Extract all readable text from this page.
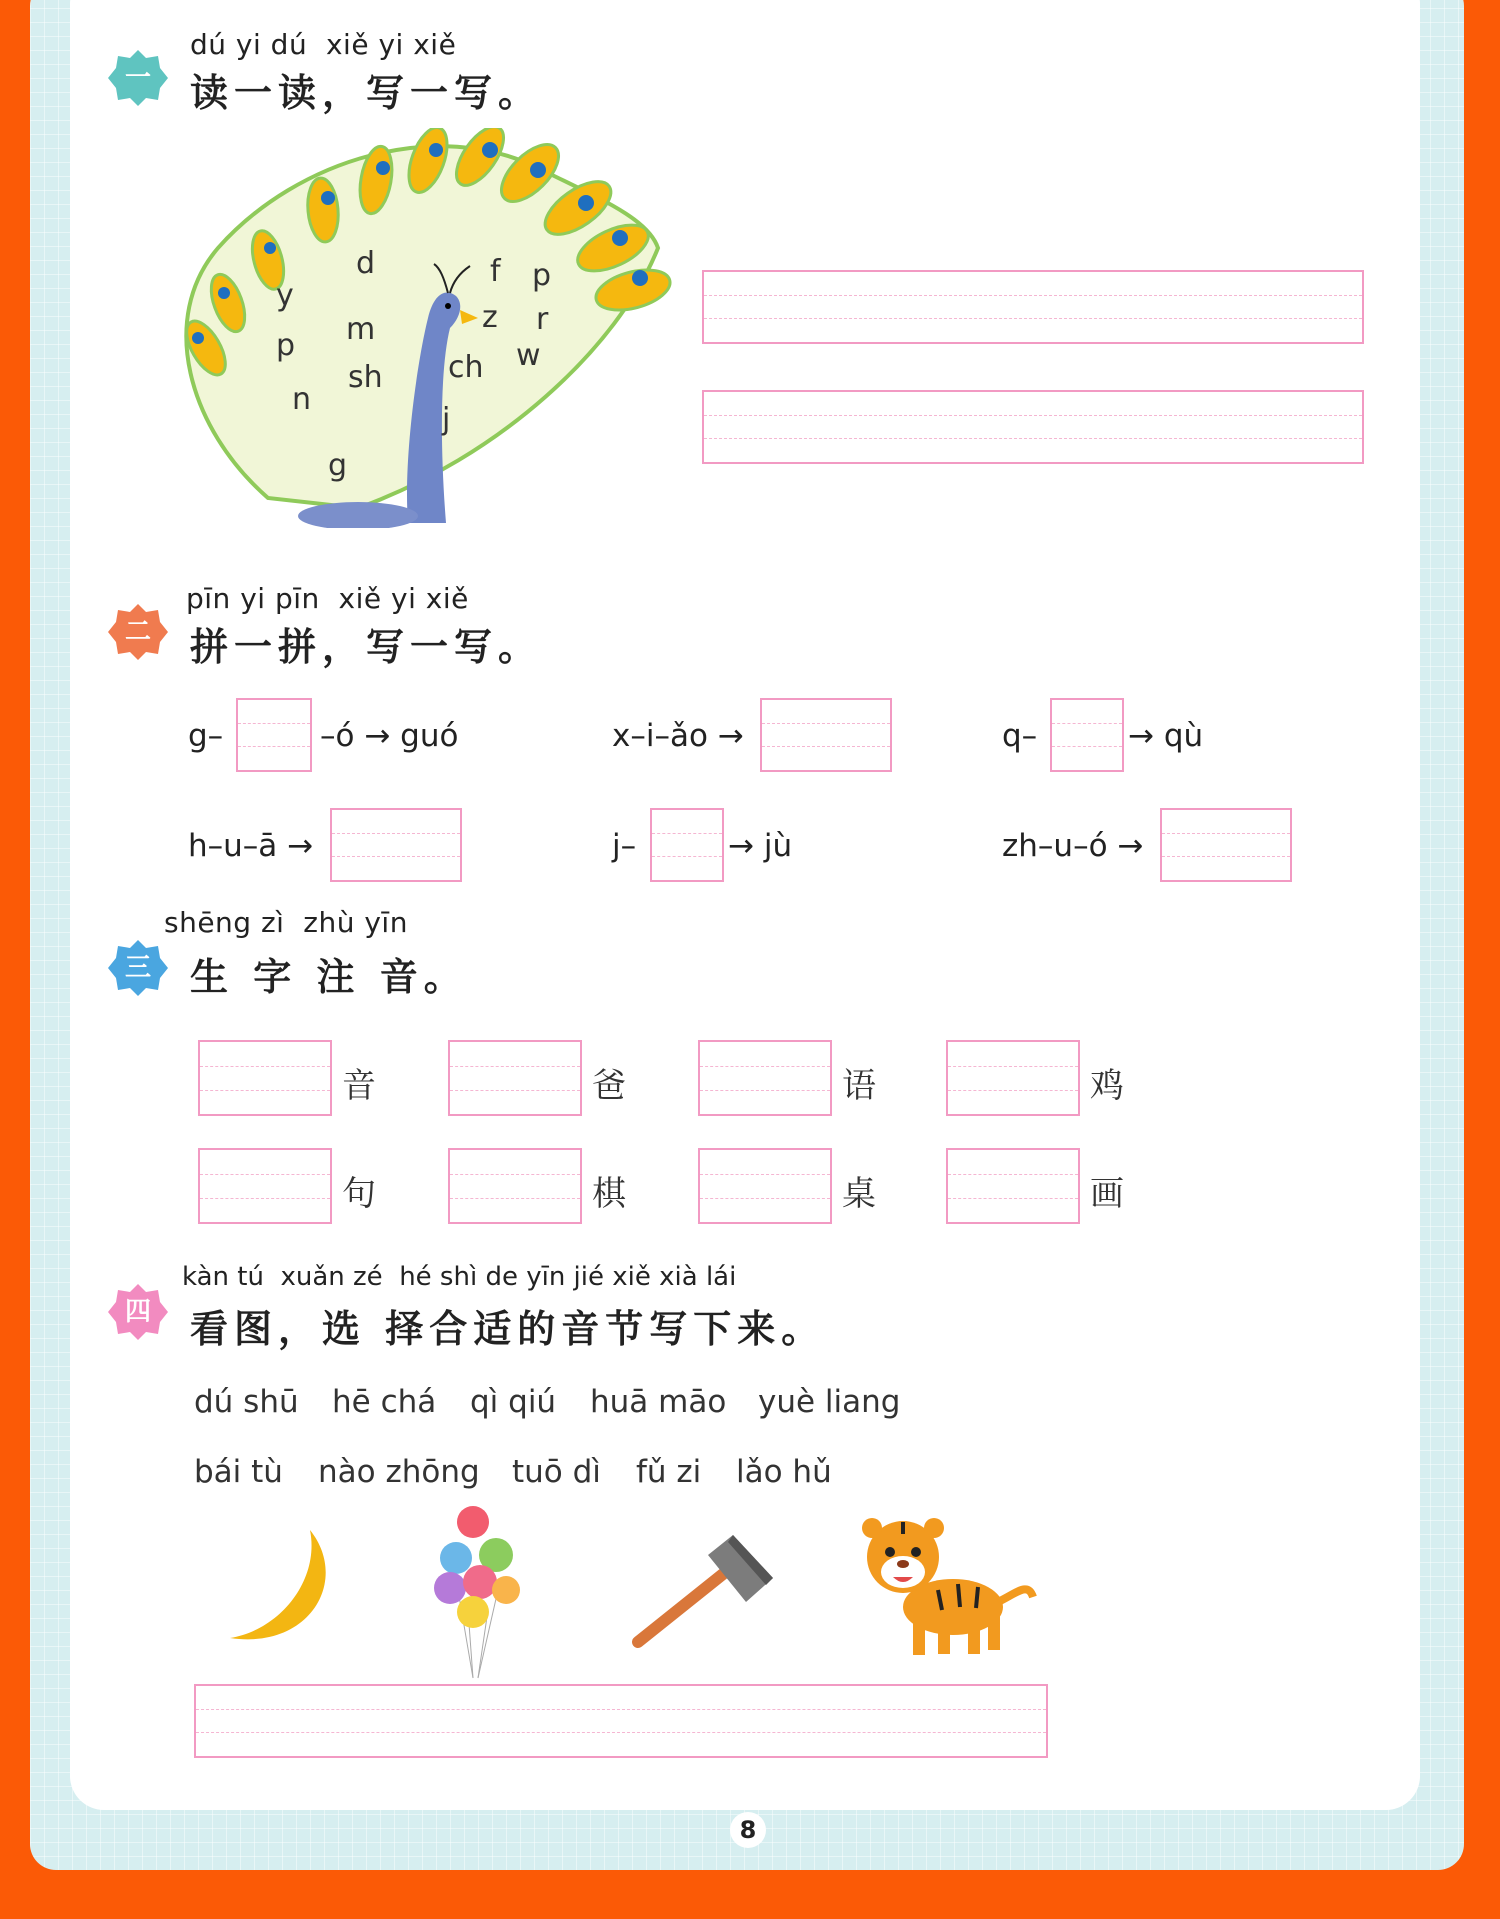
一
dú yi dú  xiě yi xiě
读一读，写一写。
y
p
n
d
m
sh
g
f
z
ch
j
p
r
w
二
pīn yi pīn  xiě yi xiě
拼一拼，写一写。
g–	–ó → guó	x–i–ǎo →	q–	→ qù
h–u–ā →	j–	→ jù	zh–u–ó →
三
shēng zì  zhù yīn
生 字 注 音。
音	爸	语	鸡
句	棋	桌	画
四
kàn tú  xuǎn zé  hé shì de yīn jié xiě xià lái
看图，选 择合适的音节写下来。
dú shū hē chá qì qiú huā māo yuè liang
bái tù nào zhōng tuō dì fǔ zi lǎo hǔ
8
